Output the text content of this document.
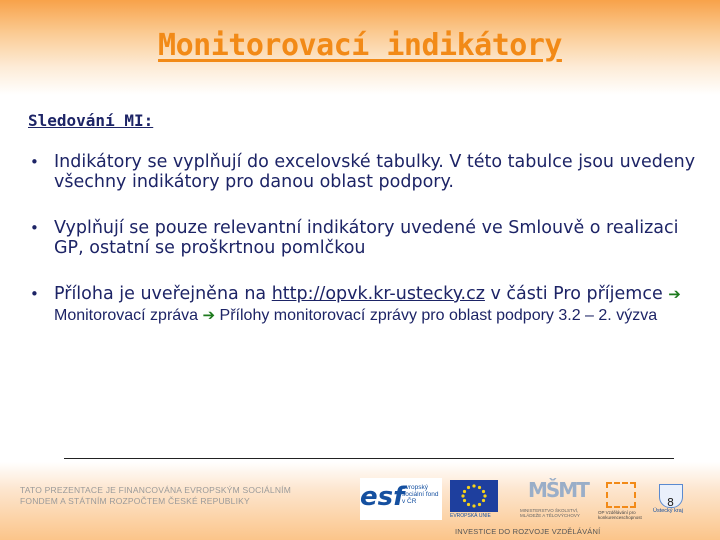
Monitorovací indikátory
Sledování MI:
• Indikátory se vyplňují do excelovské tabulky. V této tabulce jsou uvedeny všechny indikátory pro danou oblast podpory.
• Vyplňují se pouze relevantní indikátory uvedené ve Smlouvě o realizaci GP, ostatní se proškrtnou pomlčkou
• Příloha je uveřejněna na http://opvk.kr-ustecky.cz v části Pro příjemce ➔ Monitorovací zpráva ➔ Přílohy monitorovací zprávy pro oblast podpory 3.2 – 2. výzva
TATO PREZENTACE JE FINANCOVÁNA EVROPSKÝM SOCIÁLNÍM FONDEM A STÁTNÍM ROZPOČTEM ČESKÉ REPUBLIKY	esf
evropský sociální fond v ČR
EVROPSKÁ UNIE
MŠMT
MINISTERSTVO ŠKOLSTVÍ, MLÁDEŽE A TĚLOVÝCHOVY
OP Vzdělávání pro konkurenceschopnost
Ústecký kraj
8
INVESTICE DO ROZVOJE VZDĚLÁVÁNÍ
